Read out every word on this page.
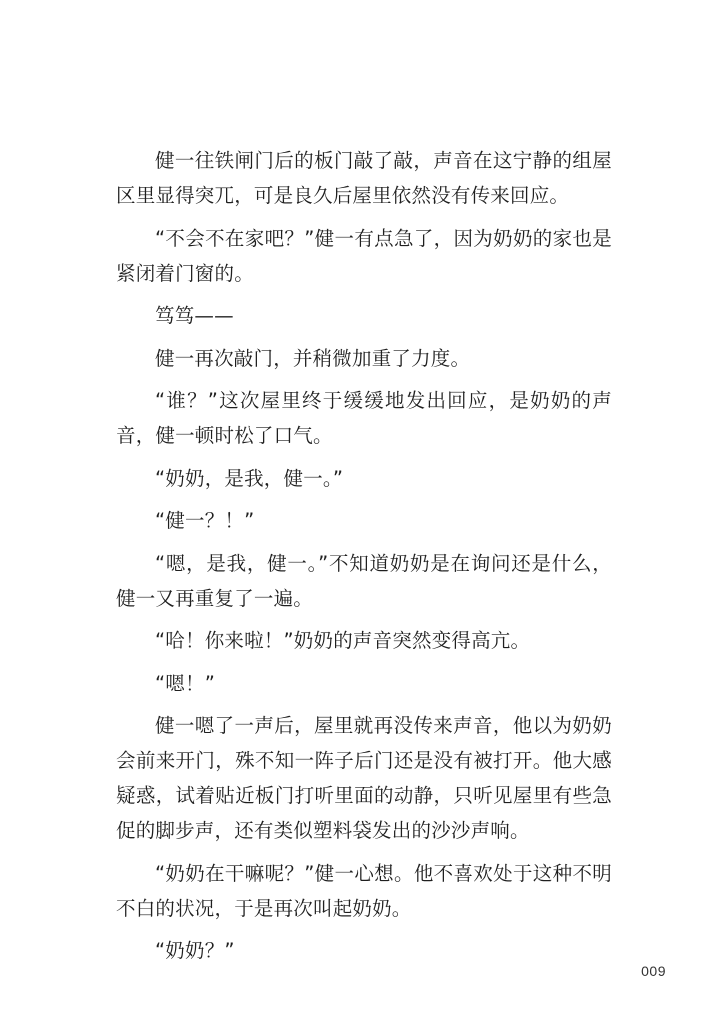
健一往铁闸门后的板门敲了敲，声音在这宁静的组屋区里显得突兀，可是良久后屋里依然没有传来回应。

“不会不在家吧？”健一有点急了，因为奶奶的家也是紧闭着门窗的。

笃笃——

健一再次敲门，并稍微加重了力度。

“谁？”这次屋里终于缓缓地发出回应，是奶奶的声音，健一顿时松了口气。

“奶奶，是我，健一。”

“健一？！”

“嗯，是我，健一。”不知道奶奶是在询问还是什么，健一又再重复了一遍。

“哈！你来啦！”奶奶的声音突然变得高亢。

“嗯！”

健一嗯了一声后，屋里就再没传来声音，他以为奶奶会前来开门，殊不知一阵子后门还是没有被打开。他大感疑惑，试着贴近板门打听里面的动静，只听见屋里有些急促的脚步声，还有类似塑料袋发出的沙沙声响。

“奶奶在干嘛呢？”健一心想。他不喜欢处于这种不明不白的状况，于是再次叫起奶奶。

“奶奶？”

009
